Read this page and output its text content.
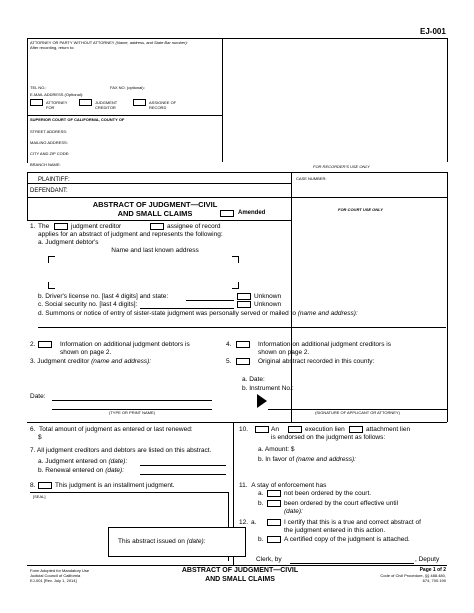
EJ-001
ATTORNEY OR PARTY WITHOUT ATTORNEY (Name, address, and State Bar number):
After recording, return to:
TEL NO.:	FAX NO. (optional):
E-MAIL ADDRESS (Optional):
ATTORNEY FOR
JUDGMENT CREDITOR
ASSIGNEE OF RECORD
SUPERIOR COURT OF CALIFORNIA, COUNTY OF
STREET ADDRESS:
MAILING ADDRESS:
CITY AND ZIP CODE:
BRANCH NAME:	FOR RECORDER'S USE ONLY
PLAINTIFF:	CASE NUMBER:
DEFENDANT:
ABSTRACT OF JUDGMENT—CIVIL
AND SMALL CLAIMS	Amended
FOR COURT USE ONLY
1. The	judgment creditor	assignee of record
applies for an abstract of judgment and represents the following:
a. Judgment debtor's
Name and last known address
b. Driver's license no. [last 4 digits] and state:	Unknown
c. Social security no. [last 4 digits]:	Unknown
d. Summons or notice of entry of sister-state judgment was personally served or mailed to (name and address):
2.	Information on additional judgment debtors is
shown on page 2.
4.	Information on additional judgment creditors is
shown on page 2.
3. Judgment creditor (name and address):	5.	Original abstract recorded in this county:
a. Date:
b. Instrument No.:
Date:
(TYPE OR PRINT NAME)	(SIGNATURE OF APPLICANT OR ATTORNEY)
6. Total amount of judgment as entered or last renewed:
$
7. All judgment creditors and debtors are listed on this abstract.
a. Judgment entered on (date):
b. Renewal entered on (date):
8.	This judgment is an installment judgment.
[SEAL]
10.	An	execution lien	attachment lien
is endorsed on the judgment as follows:
a. Amount: $
b. In favor of (name and address):
11. A stay of enforcement has
a.	not been ordered by the court.
b.	been ordered by the court effective until
(date):
12. a.	I certify that this is a true and correct abstract of
the judgment entered in this action.
b.	A certified copy of the judgment is attached.
This abstract issued on (date):
Clerk, by	, Deputy
Form Adopted for Mandatory Use
Judicial Council of California
EJ-001 [Rev. July 1, 2014]
ABSTRACT OF JUDGMENT—CIVIL
AND SMALL CLAIMS
Page 1 of 2
Code of Civil Procedure, §§ 488.480,
674, 700.190
